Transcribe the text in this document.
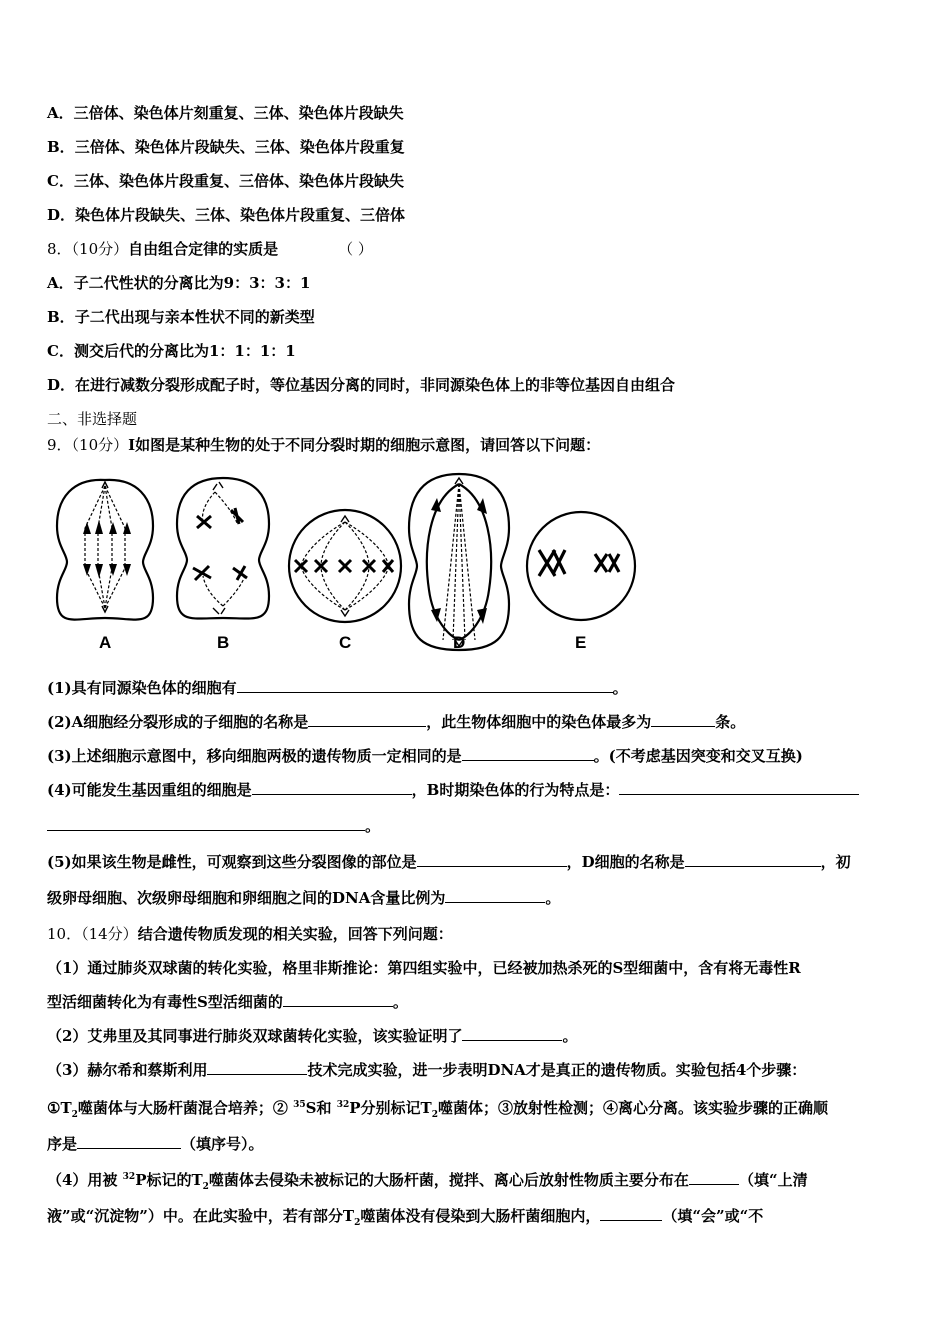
A．三倍体、染色体片刻重复、三体、染色体片段缺失
B．三倍体、染色体片段缺失、三体、染色体片段重复
C．三体、染色体片段重复、三倍体、染色体片段缺失
D．染色体片段缺失、三体、染色体片段重复、三倍体
8．（10分）自由组合定律的实质是	（ ）
A．子二代性状的分离比为9：3：3：1
B．子二代出现与亲本性状不同的新类型
C．测交后代的分离比为1：1：1：1
D．在进行减数分裂形成配子时，等位基因分离的同时，非同源染色体上的非等位基因自由组合
二、非选择题
9．（10分）I如图是某种生物的处于不同分裂时期的细胞示意图，请回答以下问题：
A	B	C	D	E
(1)具有同源染色体的细胞有	。
(2)A细胞经分裂形成的子细胞的名称是	，此生物体细胞中的染色体最多为	条。
(3)上述细胞示意图中，移向细胞两极的遗传物质一定相同的是	。(不考虑基因突变和交叉互换)
(4)可能发生基因重组的细胞是	，B时期染色体的行为特点是：
。
(5)如果该生物是雌性，可观察到这些分裂图像的部位是	，D细胞的名称是	，初
级卵母细胞、次级卵母细胞和卵细胞之间的DNA含量比例为	。
10．（14分）结合遗传物质发现的相关实验，回答下列问题：
（1）通过肺炎双球菌的转化实验，格里非斯推论：第四组实验中，已经被加热杀死的S型细菌中，含有将无毒性R
型活细菌转化为有毒性S型活细菌的	。
（2）艾弗里及其同事进行肺炎双球菌转化实验，该实验证明了	。
（3）赫尔希和蔡斯利用	技术完成实验，进一步表明DNA才是真正的遗传物质。实验包括4个步骤：
$①T_2$噬菌体与大肠杆菌混合培养；② $^{35}$S和 $^{32}$P分别标记$T_2$噬菌体；③放射性检测；④离心分离。该实验步骤的正确顺
序是	（填序号）。
（4）用被 $^{32}$P标记的$T_2$噬菌体去侵染未被标记的大肠杆菌，搅拌、离心后放射性物质主要分布在	（填“上清
液”或“沉淀物”）中。在此实验中，若有部分$T_2$噬菌体没有侵染到大肠杆菌细胞内，	（填“会”或“不
